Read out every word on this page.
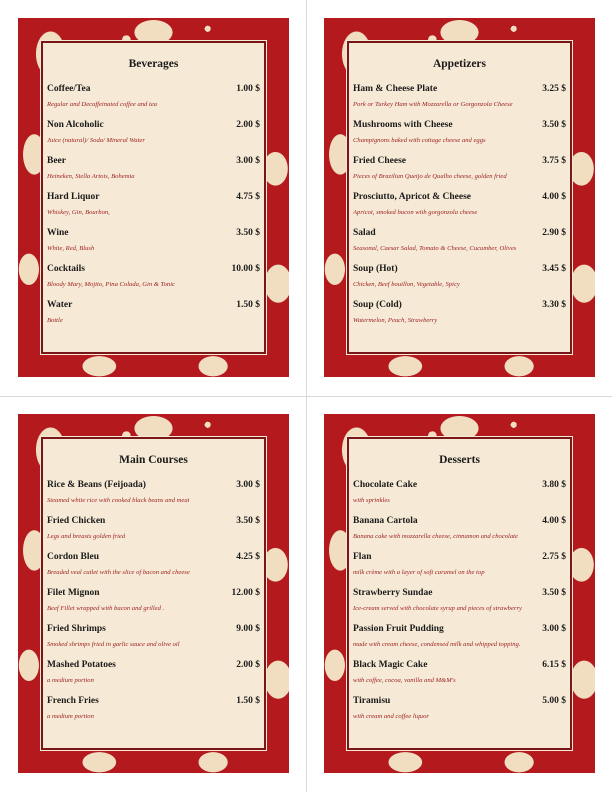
Beverages
Coffee/Tea	1.00 $
Regular and Decaffeinated coffee and tea
Non Alcoholic	2.00 $
Juice (natural)/ Soda/ Mineral Water
Beer	3.00 $
Heineken, Stella Artois, Bohemia
Hard Liquor	4.75 $
Whiskey, Gin, Bourbon,
Wine	3.50 $
White, Red, Blush
Cocktails	10.00 $
Bloody Mary, Mojito, Pina Colada, Gin & Tonic
Water	1.50 $
Bottle
Appetizers
Ham & Cheese Plate	3.25 $
Pork or Turkey Ham with Mozzarella or Gorgonzola Cheese
Mushrooms with Cheese	3.50 $
Champignons baked with cottage cheese and eggs
Fried Cheese	3.75 $
Pieces of Brazilian Queijo de Qualho cheese, golden fried
Prosciutto, Apricot & Cheese	4.00 $
Apricot, smoked bacon with gorgonzola cheese
Salad	2.90 $
Seasonal, Caesar Salad, Tomato & Cheese, Cucumber, Olives
Soup (Hot)	3.45 $
Chicken, Beef bouillon, Vegetable, Spicy
Soup (Cold)	3.30 $
Watermelon, Peach, Strawberry
Main Courses
Rice & Beans (Feijoada)	3.00 $
Steamed white rice with cooked black beans and meat
Fried Chicken	3.50 $
Legs and breasts golden fried
Cordon Bleu	4.25 $
Breaded veal cutlet with the slice of bacon and cheese
Filet Mignon	12.00 $
Beef Fillet wrapped with bacon and grilled .
Fried Shrimps	9.00 $
Smoked shrimps fried in garlic sauce and olive oil
Mashed Potatoes	2.00 $
a medium portion
French Fries	1.50 $
a medium portion
Desserts
Chocolate Cake	3.80 $
with sprinkles
Banana Cartola	4.00 $
Banana cake with mozzarella cheese, cinnamon and chocolate
Flan	2.75 $
milk crème with a layer of soft caramel on the top
Strawberry Sundae	3.50 $
Ice-cream served with chocolate syrup and pieces of strawberry
Passion Fruit Pudding	3.00 $
made with cream cheese, condensed milk and whipped topping.
Black Magic Cake	6.15 $
with coffee, cocoa, vanilla and M&M's
Tiramisu	5.00 $
with cream and coffee liquor
